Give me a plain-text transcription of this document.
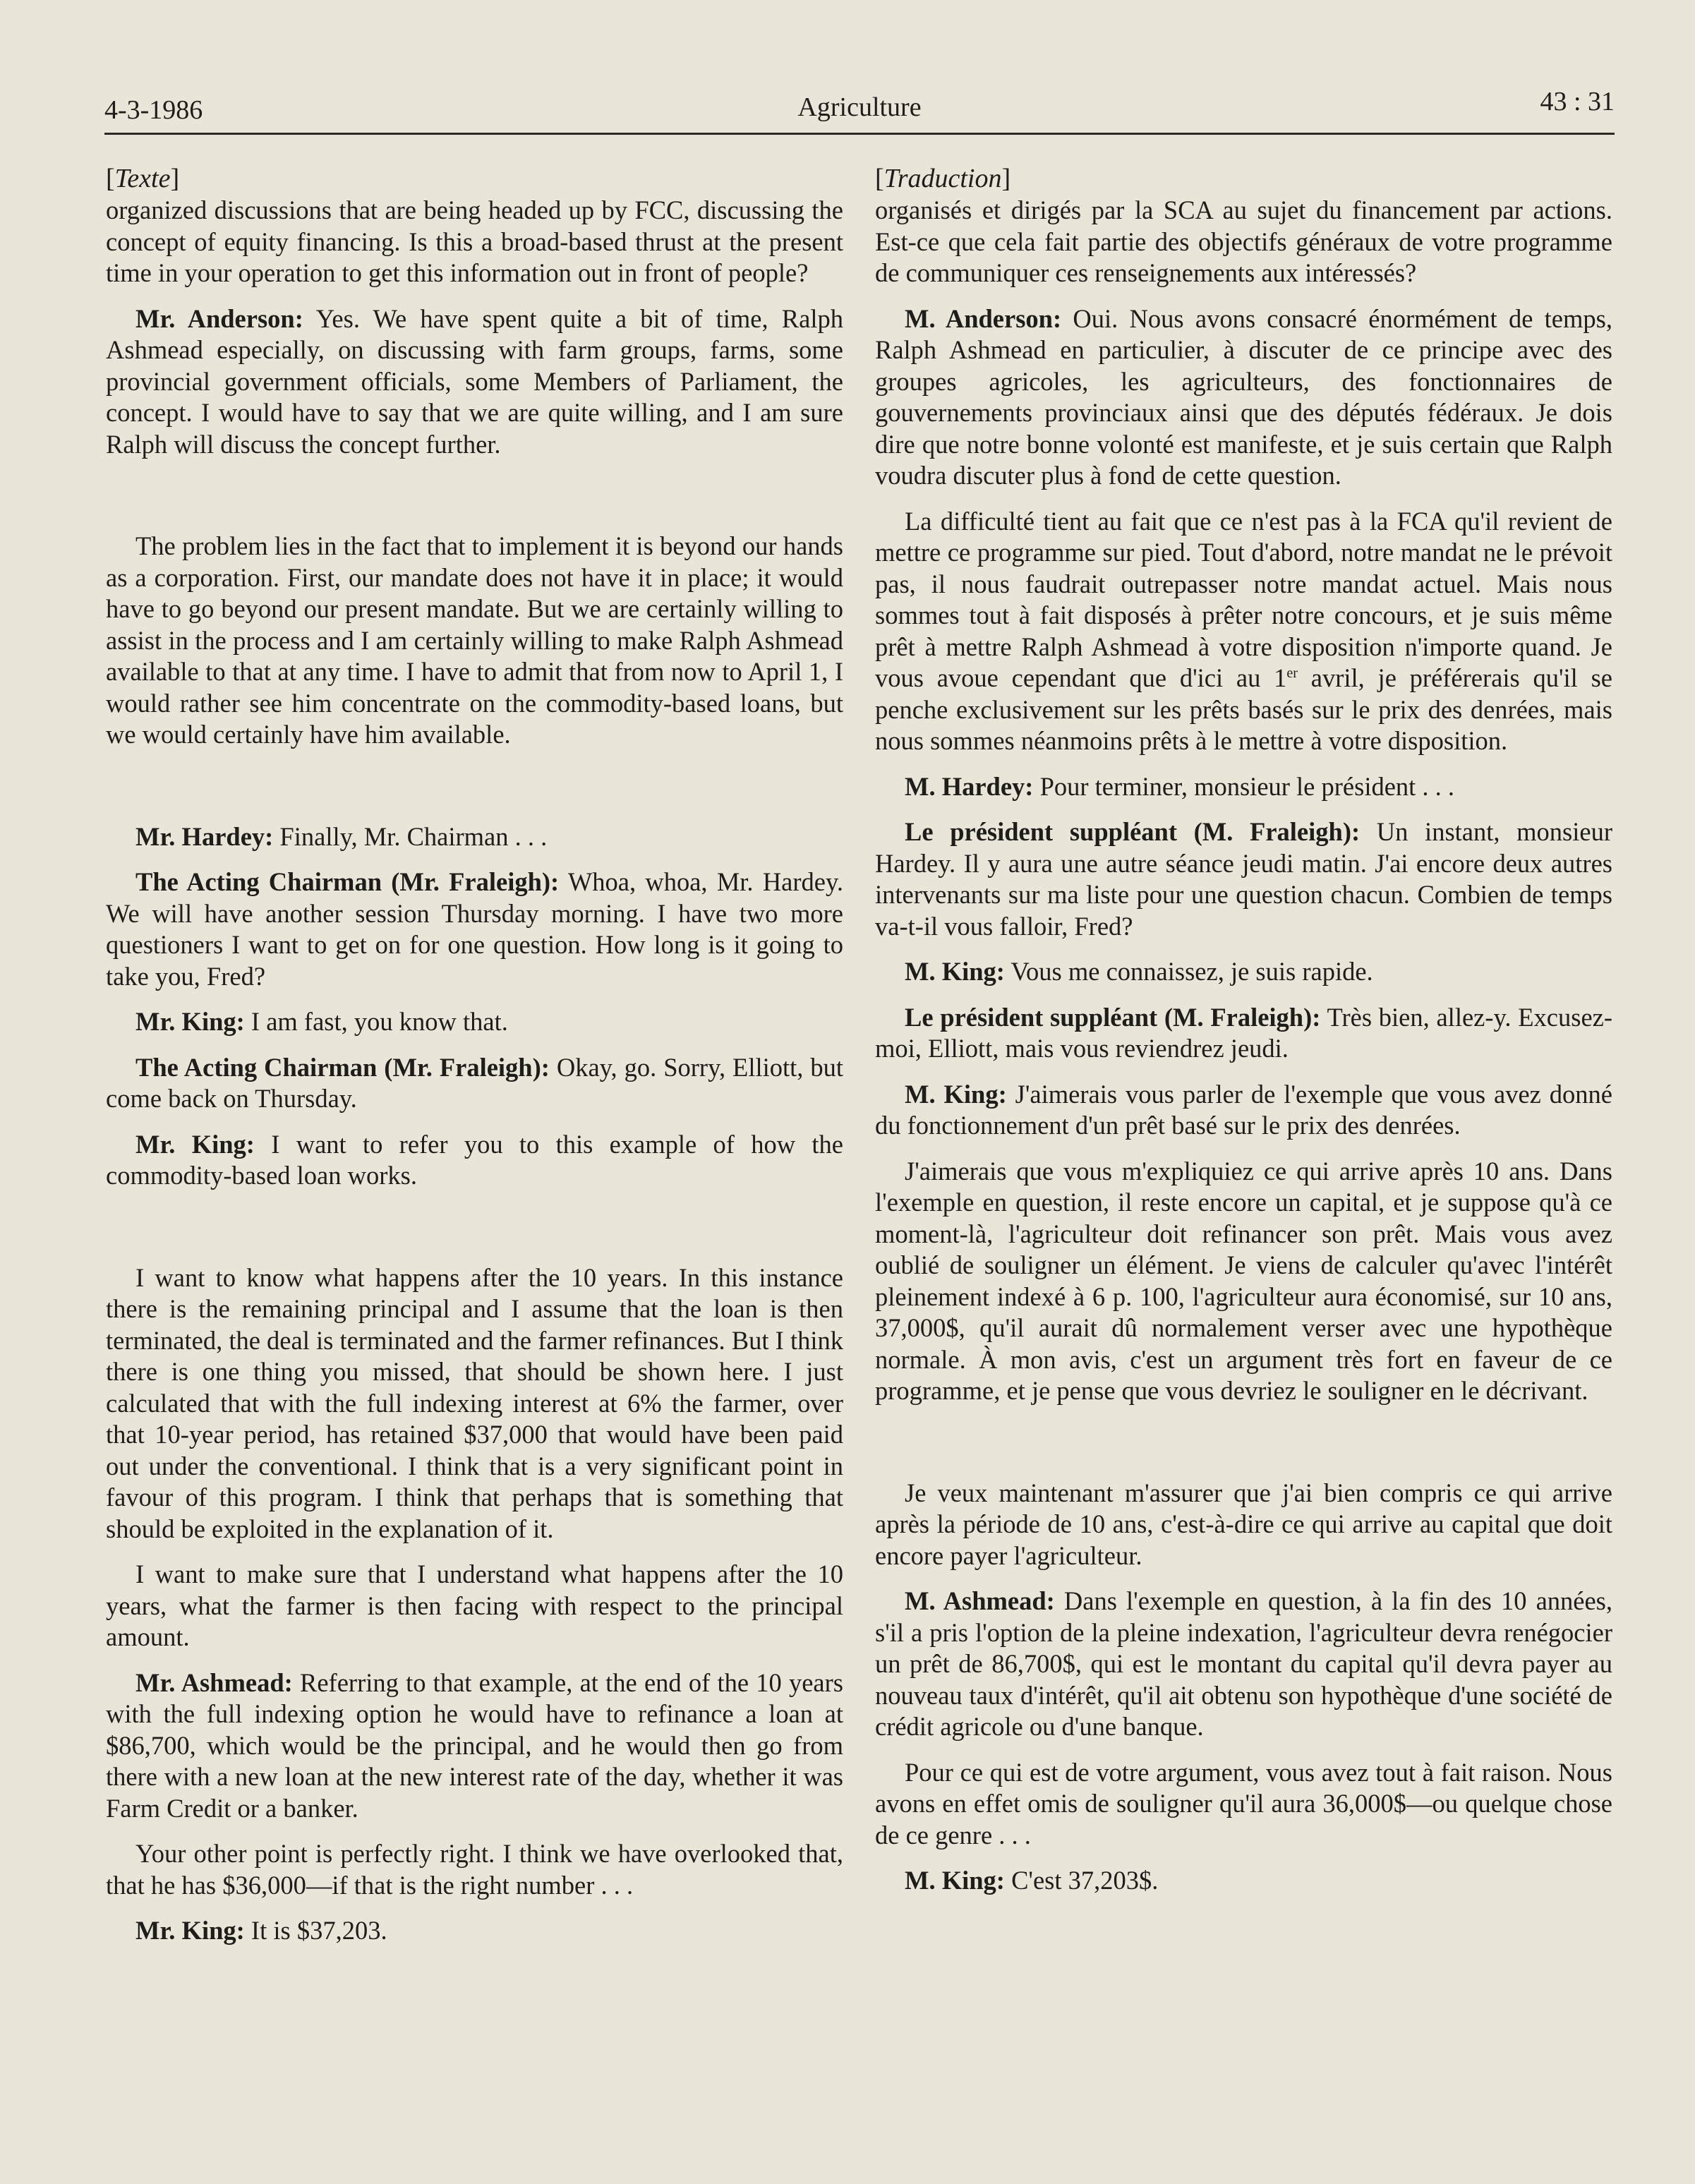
4-3-1986	Agriculture	43 : 31
[Texte]

organized discussions that are being headed up by FCC, discussing the concept of equity financing. Is this a broad-based thrust at the present time in your operation to get this information out in front of people?

Mr. Anderson: Yes. We have spent quite a bit of time, Ralph Ashmead especially, on discussing with farm groups, farms, some provincial government officials, some Members of Parliament, the concept. I would have to say that we are quite willing, and I am sure Ralph will discuss the concept further.

The problem lies in the fact that to implement it is beyond our hands as a corporation. First, our mandate does not have it in place; it would have to go beyond our present mandate. But we are certainly willing to assist in the process and I am certainly willing to make Ralph Ashmead available to that at any time. I have to admit that from now to April 1, I would rather see him concentrate on the commodity-based loans, but we would certainly have him available.

Mr. Hardey: Finally, Mr. Chairman . . .

The Acting Chairman (Mr. Fraleigh): Whoa, whoa, Mr. Hardey. We will have another session Thursday morning. I have two more questioners I want to get on for one question. How long is it going to take you, Fred?

Mr. King: I am fast, you know that.

The Acting Chairman (Mr. Fraleigh): Okay, go. Sorry, Elliott, but come back on Thursday.

Mr. King: I want to refer you to this example of how the commodity-based loan works.

I want to know what happens after the 10 years. In this instance there is the remaining principal and I assume that the loan is then terminated, the deal is terminated and the farmer refinances. But I think there is one thing you missed, that should be shown here. I just calculated that with the full indexing interest at 6% the farmer, over that 10-year period, has retained $37,000 that would have been paid out under the conventional. I think that is a very significant point in favour of this program. I think that perhaps that is something that should be exploited in the explanation of it.

I want to make sure that I understand what happens after the 10 years, what the farmer is then facing with respect to the principal amount.

Mr. Ashmead: Referring to that example, at the end of the 10 years with the full indexing option he would have to refinance a loan at $86,700, which would be the principal, and he would then go from there with a new loan at the new interest rate of the day, whether it was Farm Credit or a banker.

Your other point is perfectly right. I think we have overlooked that, that he has $36,000—if that is the right number . . .

Mr. King: It is $37,203.

[Traduction]

organisés et dirigés par la SCA au sujet du financement par actions. Est-ce que cela fait partie des objectifs généraux de votre programme de communiquer ces renseignements aux intéressés?

M. Anderson: Oui. Nous avons consacré énormément de temps, Ralph Ashmead en particulier, à discuter de ce principe avec des groupes agricoles, les agriculteurs, des fonctionnaires de gouvernements provinciaux ainsi que des députés fédéraux. Je dois dire que notre bonne volonté est manifeste, et je suis certain que Ralph voudra discuter plus à fond de cette question.

La difficulté tient au fait que ce n'est pas à la FCA qu'il revient de mettre ce programme sur pied. Tout d'abord, notre mandat ne le prévoit pas, il nous faudrait outrepasser notre mandat actuel. Mais nous sommes tout à fait disposés à prêter notre concours, et je suis même prêt à mettre Ralph Ashmead à votre disposition n'importe quand. Je vous avoue cependant que d'ici au 1er avril, je préférerais qu'il se penche exclusivement sur les prêts basés sur le prix des denrées, mais nous sommes néanmoins prêts à le mettre à votre disposition.

M. Hardey: Pour terminer, monsieur le président . . .

Le président suppléant (M. Fraleigh): Un instant, monsieur Hardey. Il y aura une autre séance jeudi matin. J'ai encore deux autres intervenants sur ma liste pour une question chacun. Combien de temps va-t-il vous falloir, Fred?

M. King: Vous me connaissez, je suis rapide.

Le président suppléant (M. Fraleigh): Très bien, allez-y. Excusez-moi, Elliott, mais vous reviendrez jeudi.

M. King: J'aimerais vous parler de l'exemple que vous avez donné du fonctionnement d'un prêt basé sur le prix des denrées.

J'aimerais que vous m'expliquiez ce qui arrive après 10 ans. Dans l'exemple en question, il reste encore un capital, et je suppose qu'à ce moment-là, l'agriculteur doit refinancer son prêt. Mais vous avez oublié de souligner un élément. Je viens de calculer qu'avec l'intérêt pleinement indexé à 6 p. 100, l'agriculteur aura économisé, sur 10 ans, 37,000$, qu'il aurait dû normalement verser avec une hypothèque normale. À mon avis, c'est un argument très fort en faveur de ce programme, et je pense que vous devriez le souligner en le décrivant.

Je veux maintenant m'assurer que j'ai bien compris ce qui arrive après la période de 10 ans, c'est-à-dire ce qui arrive au capital que doit encore payer l'agriculteur.

M. Ashmead: Dans l'exemple en question, à la fin des 10 années, s'il a pris l'option de la pleine indexation, l'agriculteur devra renégocier un prêt de 86,700$, qui est le montant du capital qu'il devra payer au nouveau taux d'intérêt, qu'il ait obtenu son hypothèque d'une société de crédit agricole ou d'une banque.

Pour ce qui est de votre argument, vous avez tout à fait raison. Nous avons en effet omis de souligner qu'il aura 36,000$—ou quelque chose de ce genre . . .

M. King: C'est 37,203$.
